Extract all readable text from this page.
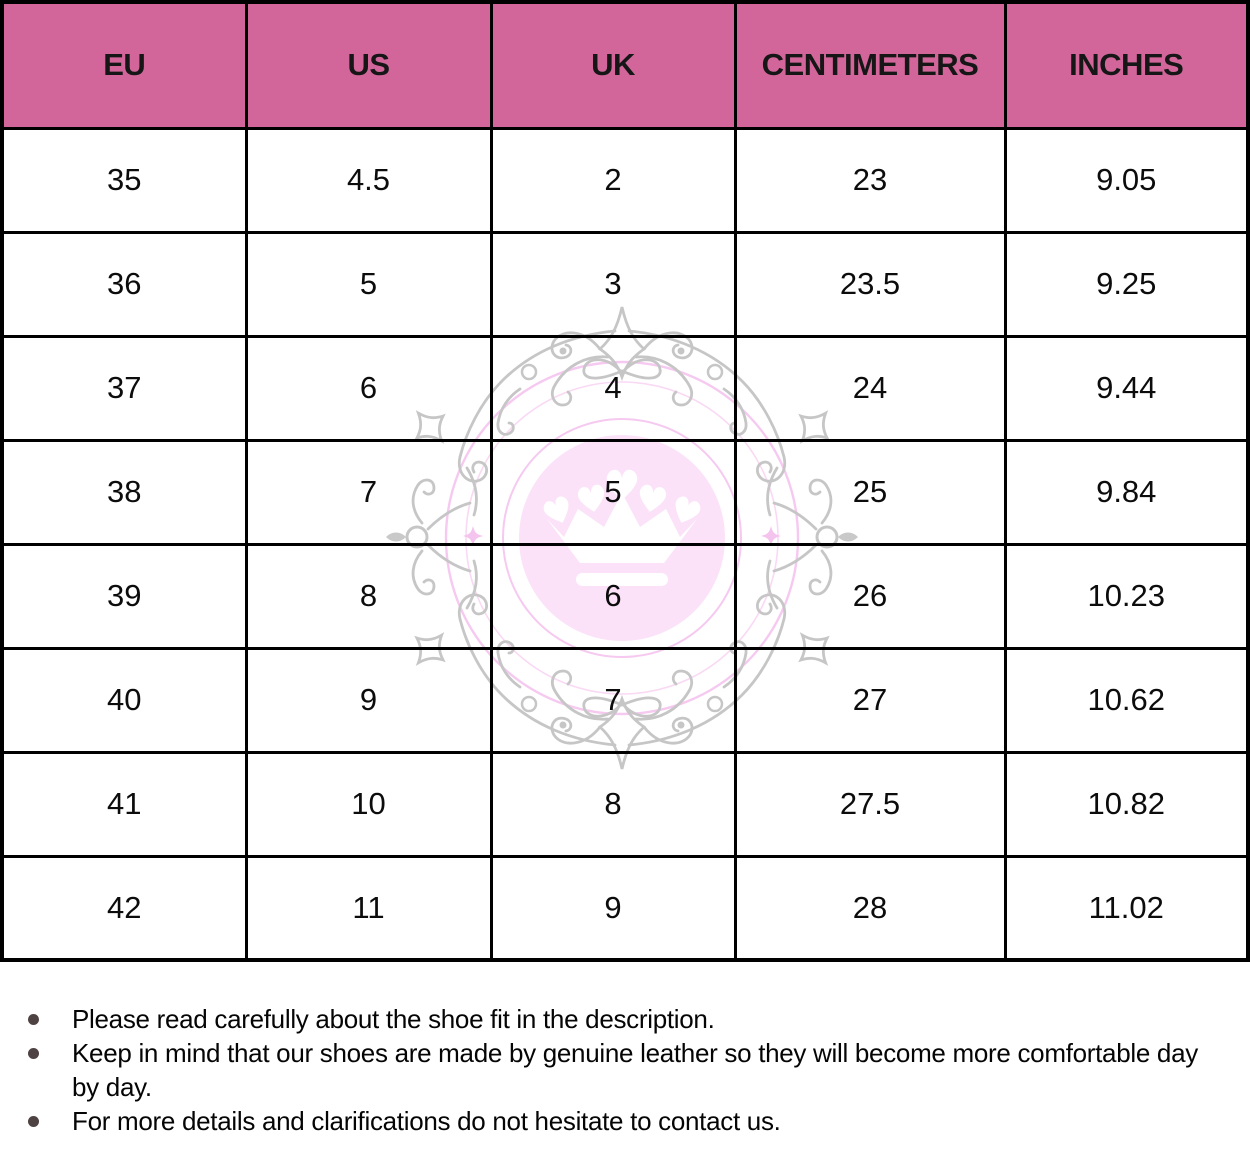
EU	US	UK	CENTIMETERS	INCHES
35	4.5	2	23	9.05
36	5	3	23.5	9.25
37	6	4	24	9.44
38	7	5	25	9.84
39	8	6	26	10.23
40	9	7	27	10.62
41	10	8	27.5	10.82
42	11	9	28	11.02
Please read carefully about the shoe fit in the description.
Keep in mind that our shoes are made by genuine leather so they will become more comfortable day by day.
For more details and clarifications do not hesitate to contact us.
